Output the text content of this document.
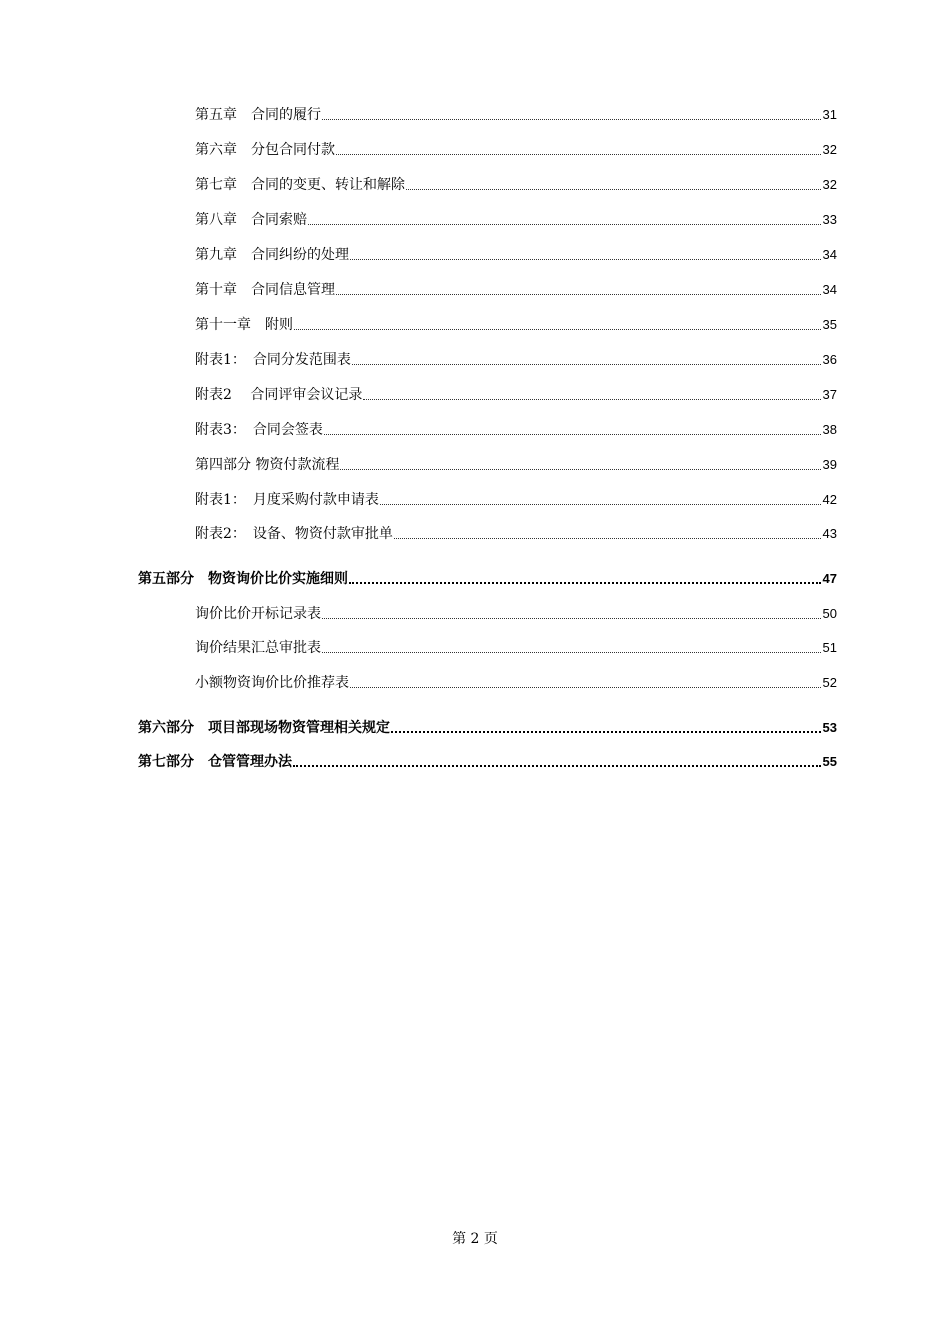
第五章　合同的履行	31
第六章　分包合同付款	32
第七章　合同的变更、转让和解除	32
第八章　合同索赔	33
第九章　合同纠纷的处理	34
第十章　合同信息管理	34
第十一章　附则	35
附表1：　合同分发范围表	36
附表2　 合同评审会议记录	37
附表3：　合同会签表	38
第四部分 物资付款流程	39
附表1：　月度采购付款申请表	42
附表2：　设备、物资付款审批单	43
第五部分　物资询价比价实施细则	47
询价比价开标记录表	50
询价结果汇总审批表	51
小额物资询价比价推荐表	52
第六部分　项目部现场物资管理相关规定	53
第七部分　仓管管理办法	55
第 2 页
